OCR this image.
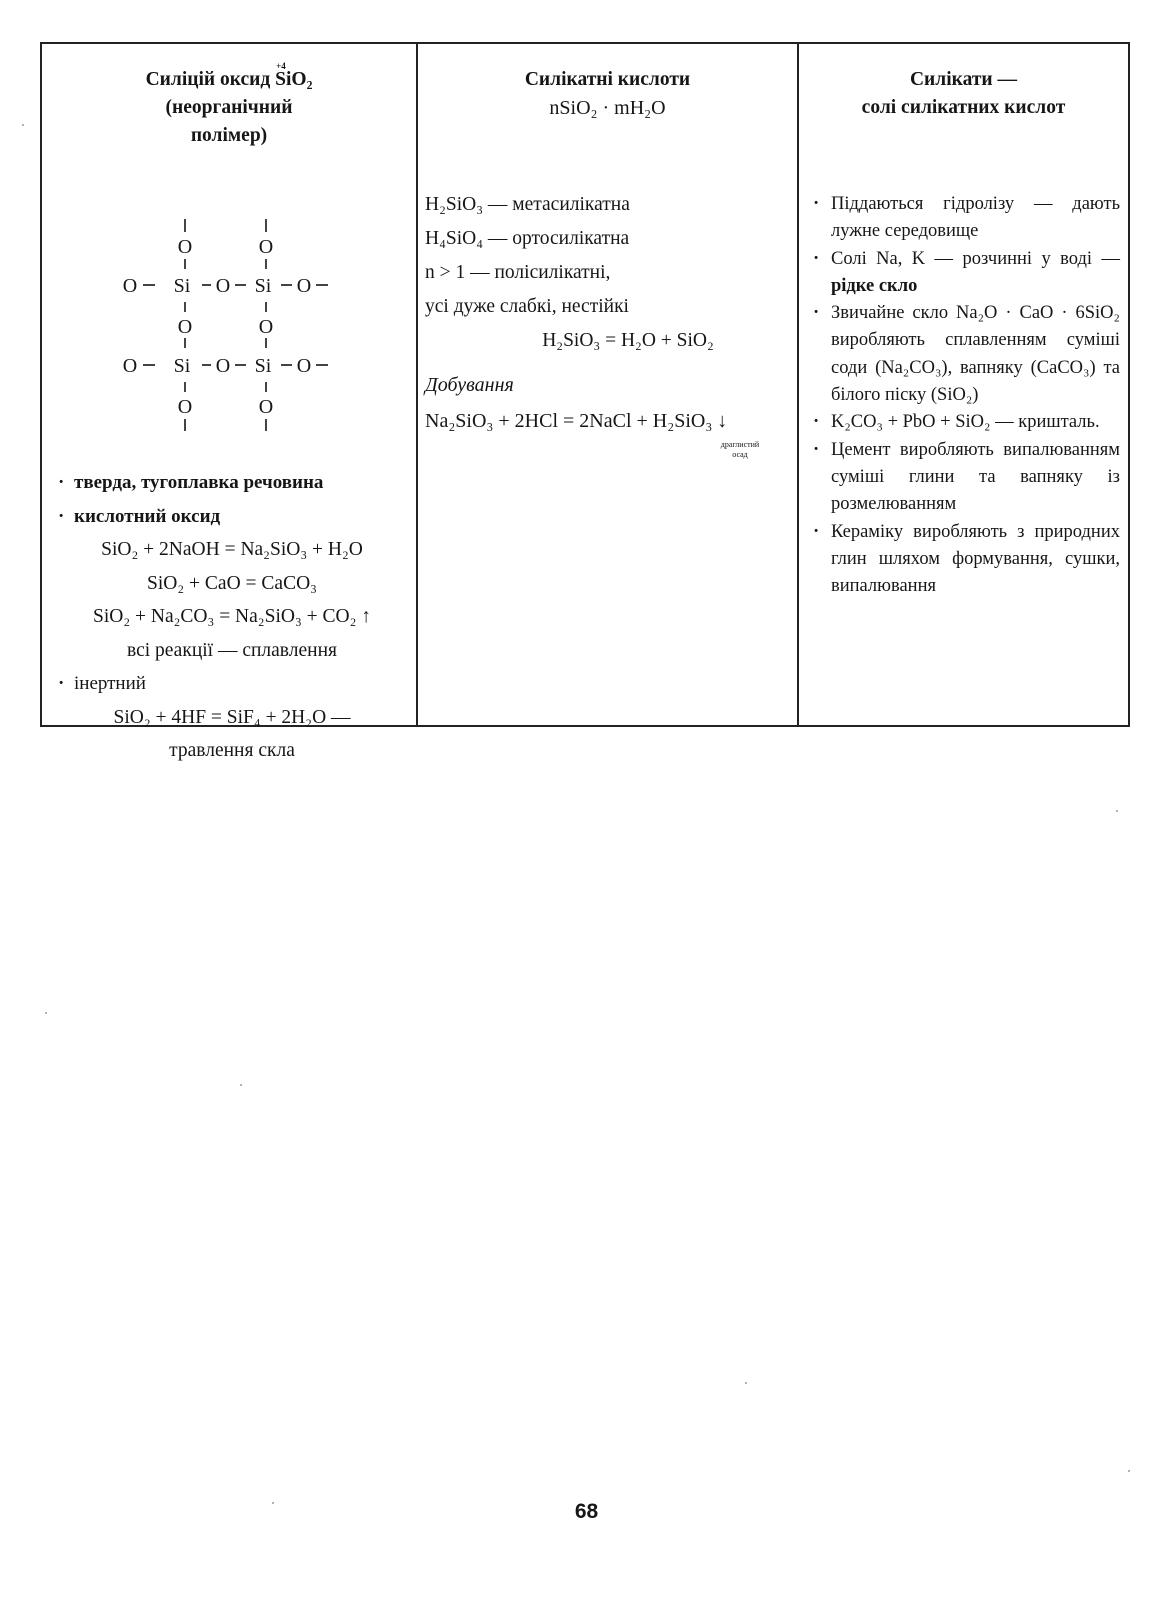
Силіцій оксид
+4
SiO₂
(неорганічний
полімер)
O	O
O Si O Si O
O	O
O Si O Si O
O	O
· твердa, тугоплавка речовина
· кислотний оксид
SiO₂ + 2NaOH = Na₂SiO₃ + H₂O
SiO₂ + CaO = CaCO₃
SiO₂ + Na₂CO₃ = Na₂SiO₃ + CO₂ ↑
всі реакції — сплавлення
· інертний
SiO₂ + 4HF = SiF₄ + 2H₂O —
травлення скла
Силікатні кислоти
nSiO₂ · mH₂O
H₂SiO₃ — метасилікатна
H₄SiO₄ — ортосилікатна
n > 1 — полісилікатні,
усі дуже слабкі, нестійкі
H₂SiO₃ = H₂O + SiO₂
Добування
Na₂SiO₃ + 2HCl = 2NaCl + H₂SiO₃ ↓
драглистий
осад
Силікати —
солі силікатних кислот
· Піддаються гідролізу — дають лужне середовище
· Солі Na, K — розчинні у воді — рідке скло
· Звичайне скло Na₂O · CaO · 6SiO₂ виробляють сплавленням суміші соди (Na₂CO₃), вапняку (CaCO₃) та білого піску (SiO₂)
· K₂CO₃ + PbO + SiO₂ — кришталь.
· Цемент виробляють випалюванням суміші глини та вапняку із розмелюванням
· Кераміку виробляють з природних глин шляхом формування, сушки, випалювання
68
